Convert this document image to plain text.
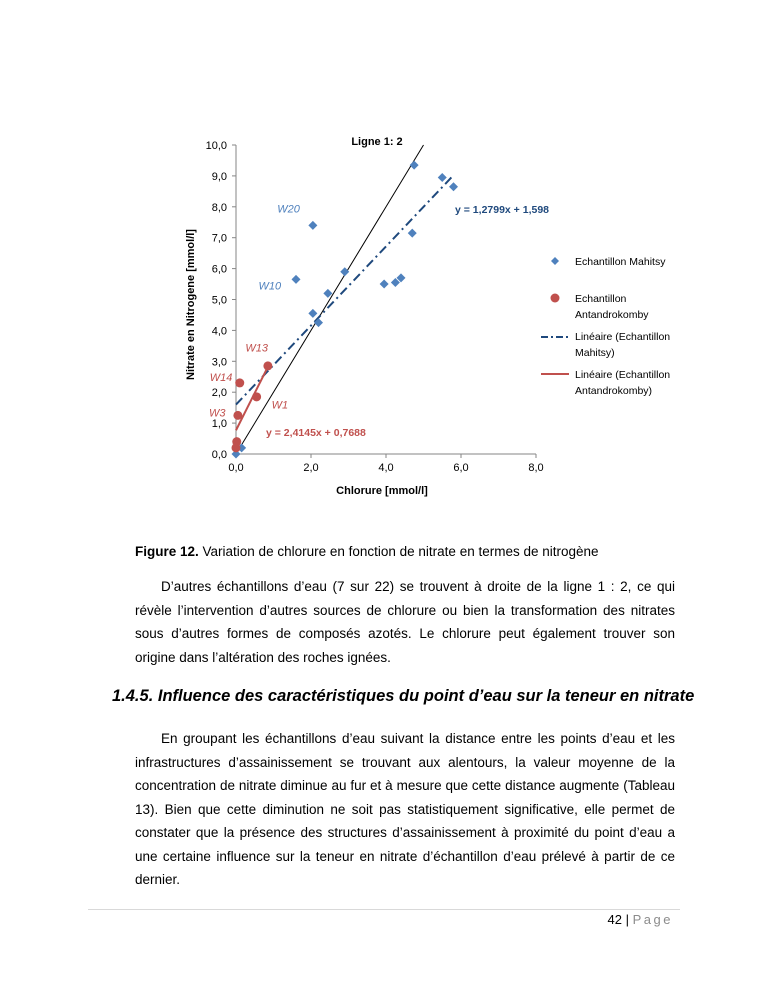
0,0
1,0
2,0
3,0
4,0
5,0
6,0
7,0
8,0
9,0
10,0
0,0	2,0	4,0	6,0	8,0
Chlorure [mmol/l]
Nitrate en Nitrogene [mmol/l]
Ligne 1: 2
W20
W10
W13
W14
W3
W1
y = 1,2799x + 1,598
y = 2,4145x + 0,7688
Echantillon Mahitsy
Echantillon
Antandrokomby
Linéaire (Echantillon
Mahitsy)
Linéaire (Echantillon
Antandrokomby)
Figure 12. Variation de chlorure en fonction de nitrate en termes de nitrogène

D’autres échantillons d’eau (7 sur 22) se trouvent à droite de la ligne 1 : 2, ce qui révèle l’intervention d’autres sources de chlorure ou bien la transformation des nitrates sous d’autres formes de composés azotés. Le chlorure peut également trouver son origine dans l’altération des roches ignées.

1.4.5. Influence des caractéristiques du point d’eau sur la teneur en nitrate

En groupant les échantillons d’eau suivant la distance entre les points d’eau et les infrastructures d’assainissement se trouvant aux alentours, la valeur moyenne de la concentration de nitrate diminue au fur et à mesure que cette distance augmente (Tableau 13). Bien que cette diminution ne soit pas statistiquement significative, elle permet de constater que la présence des structures d’assainissement à proximité du point d’eau a une certaine influence sur la teneur en nitrate d’échantillon d’eau prélevé à partir de ce dernier.

42 | Page
